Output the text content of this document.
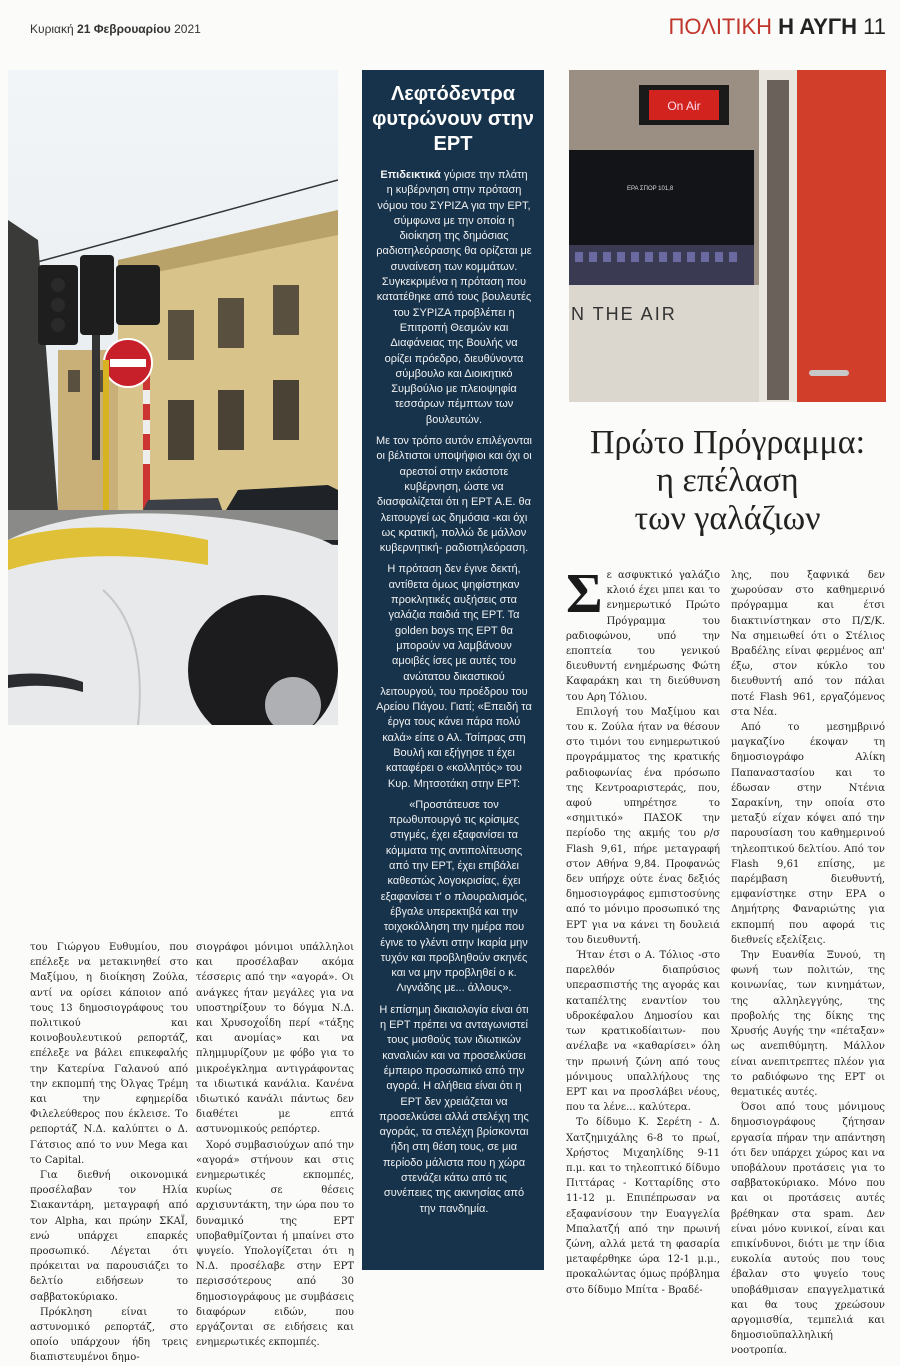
Κυριακή 21 Φεβρουαρίου 2021	ΠΟΛΙΤΙΚΗ Η ΑΥΓΗ 11

Λεφτόδεντρα φυτρώνουν στην ΕΡΤ

Επιδεικτικά γύρισε την πλάτη η κυβέρνηση στην πρόταση νόμου του ΣΥΡΙΖΑ για την ΕΡΤ, σύμφωνα με την οποία η διοίκηση της δημόσιας ραδιοτηλεόρασης θα ορίζεται με συναίνεση των κομμάτων. Συγκεκριμένα η πρόταση που κατατέθηκε από τους βουλευτές του ΣΥΡΙΖΑ προβλέπει η Επιτροπή Θεσμών και Διαφάνειας της Βουλής να ορίζει πρόεδρο, διευθύνοντα σύμβουλο και Διοικητικό Συμβούλιο με πλειοψηφία τεσσάρων πέμπτων των βουλευτών.

Με τον τρόπο αυτόν επιλέγονται οι βέλτιστοι υποψήφιοι και όχι οι αρεστοί στην εκάστοτε κυβέρνηση, ώστε να διασφαλίζεται ότι η ΕΡΤ Α.Ε. θα λειτουργεί ως δημόσια -και όχι ως κρατική, πολλώ δε μάλλον κυβερνητική- ραδιοτηλεόραση.

Η πρόταση δεν έγινε δεκτή, αντίθετα όμως ψηφίστηκαν προκλητικές αυξήσεις στα γαλάζια παιδιά της ΕΡΤ. Τα golden boys της ΕΡΤ θα μπορούν να λαμβάνουν αμοιβές ίσες με αυτές του ανώτατου δικαστικού λειτουργού, του προέδρου του Αρείου Πάγου. Γιατί; «Επειδή τα έργα τους κάνει πάρα πολύ καλά» είπε ο Αλ. Τσίπρας στη Βουλή και εξήγησε τι έχει καταφέρει ο «κολλητός» του Κυρ. Μητσοτάκη στην ΕΡΤ:

«Προστάτευσε τον πρωθυπουργό τις κρίσιμες στιγμές, έχει εξαφανίσει τα κόμματα της αντιπολίτευσης από την ΕΡΤ, έχει επιβάλει καθεστώς λογοκρισίας, έχει εξαφανίσει τ' ο πλουραλισμός, έβγαλε υπερεκτιβά και την τοιχοκόλληση την ημέρα που έγινε το γλέντι στην Ικαρία μην τυχόν και προβληθούν σκηνές και να μην προβληθεί ο κ. Λιγνάδης με... άλλους».

Η επίσημη δικαιολογία είναι ότι η ΕΡΤ πρέπει να ανταγωνιστεί τους μισθούς των ιδιωτικών καναλιών και να προσελκύσει έμπειρο προσωπικό από την αγορά. Η αλήθεια είναι ότι η ΕΡΤ δεν χρειάζεται να προσελκύσει αλλά στελέχη της αγοράς, τα στελέχη βρίσκονται ήδη στη θέση τους, σε μια περίοδο μάλιστα που η χώρα στενάζει κάτω από τις συνέπειες της ακινησίας από την πανδημία.

On Air
ΕΡΑ ΣΠΟΡ 101,8
N THE AIR
Πρώτο Πρόγραμμα:
η επέλαση
των γαλάζιων

Σε ασφυκτικό γαλάζιο κλοιό έχει μπει και το ενημερωτικό Πρώτο Πρόγραμμα του ραδιοφώνου, υπό την εποπτεία του γενικού διευθυντή ενημέρωσης Φώτη Καφαράκη και τη διεύθυνση του Αρη Τόλιου.

Επιλογή του Μαξίμου και του κ. Ζούλα ήταν να θέσουν στο τιμόνι του ενημερωτικού προγράμματος της κρατικής ραδιοφωνίας ένα πρόσωπο της Κεντροαριστεράς, που, αφού υπηρέτησε το «σημιτικό» ΠΑΣΟΚ την περίοδο της ακμής του ρ/σ Flash 9,61, πήρε μεταγραφή στον Αθήνα 9,84. Προφανώς δεν υπήρχε ούτε ένας δεξιός δημοσιογράφος εμπιστοσύνης από το μόνιμο προσωπικό της ΕΡΤ για να κάνει τη δουλειά του διευθυντή.

Ήταν έτσι ο Α. Τόλιος -στο παρελθόν διαπρύσιος υπερασπιστής της αγοράς και καταπέλτης εναντίον του υδροκέφαλου Δημοσίου και των κρατικοδίαιτων- που ανέλαβε να «καθαρίσει» όλη την πρωινή ζώνη από τους μόνιμους υπαλλήλους της ΕΡΤ και να προσλάβει νέους, που τα λένε... καλύτερα.

Το δίδυμο Κ. Σερέτη - Δ. Χατζημιχάλης 6-8 το πρωί, Χρήστος Μιχαηλίδης 9-11 π.μ. και το τηλεοπτικό δίδυμο Πιττάρας - Κοτταρίδης στο 11-12 μ. Επιπέπρωσαν να εξαφανίσουν την Ευαγγελία Μπαλατζή από την πρωινή ζώνη, αλλά μετά τη φασαρία μεταφέρθηκε ώρα 12-1 μ.μ., προκαλώντας όμως πρόβλημα στο δίδυμο Μπίτα - Βραδέ-

λης, που ξαφνικά δεν χωρούσαν στο καθημερινό πρόγραμμα και έτσι διακτινίστηκαν στο Π/Σ/Κ. Να σημειωθεί ότι ο Στέλιος Βραδέλης είναι φερμένος απ' έξω, στον κύκλο του διευθυντή από τον πάλαι ποτέ Flash 961, εργαζόμενος στα Νέα.

Από το μεσημβρινό μαγκαζίνο έκοψαν τη δημοσιογράφο Αλίκη Παπαναστασίου και το έδωσαν στην Ντένια Σαρακίνη, την οποία στο μεταξύ είχαν κόψει από την παρουσίαση του καθημερινού τηλεοπτικού δελτίου. Από τον Flash 9,61 επίσης, με παρέμβαση διευθυντή, εμφανίστηκε στην ΕΡΑ ο Δημήτρης Φαναριώτης για εκπομπή που αφορά τις διεθνείς εξελίξεις.

Την Ευανθία Ξυνού, τη φωνή των πολιτών, της κοινωνίας, των κινημάτων, της αλληλεγγύης, της προβολής της δίκης της Χρυσής Αυγής την «πέταξαν» ως ανεπιθύμητη. Μάλλον είναι ανεπιτρεπτες πλέον για το ραδιόφωνο της ΕΡΤ οι θεματικές αυτές.

Όσοι από τους μόνιμους δημοσιογράφους ζήτησαν εργασία πήραν την απάντηση ότι δεν υπάρχει χώρος και να υποβάλουν προτάσεις για το σαββατοκύριακο. Μόνο που και οι προτάσεις αυτές βρέθηκαν στα spam. Δεν είναι μόνο κυνικοί, είναι και επικίνδυνοι, διότι με την ίδια ευκολία αυτούς που τους έβαλαν στο ψυγείο τους υποβάθμισαν επαγγελματικά και θα τους χρεώσουν αργομισθία, τεμπελιά και δημοσιοϋπαλληλική νοοτροπία.

του Γιώργου Ευθυμίου, που επέλεξε να μετακινηθεί στο Μαξίμου, η διοίκηση Ζούλα, αντί να ορίσει κάποιον από τους 13 δημοσιογράφους του πολιτικού και κοινοβουλευτικού ρεπορτάζ, επέλεξε να βάλει επικεφαλής την Κατερίνα Γαλανού από την εκπομπή της Όλγας Τρέμη και την εφημερίδα Φιλελεύθερος που έκλεισε. Το ρεπορτάζ Ν.Δ. καλύπτει ο Δ. Γάτσιος από το νυν Mega και το Capital.

Για διεθνή οικονομικά προσέλαβαν τον Ηλία Σιακαντάρη, μεταγραφή από τον Alpha, και πρώην ΣΚΑΪ, ενώ υπάρχει επαρκές προσωπικό. Λέγεται ότι πρόκειται να παρουσιάζει το δελτίο ειδήσεων το σαββατοκύριακο.

Πρόκληση είναι το αστυνομικό ρεπορτάζ, στο οποίο υπάρχουν ήδη τρεις διαπιστευμένοι δημο-

σιογράφοι μόνιμοι υπάλληλοι και προσέλαβαν ακόμα τέσσερις από την «αγορά». Οι ανάγκες ήταν μεγάλες για να υποστηρίξουν το δόγμα Ν.Δ. και Χρυσοχοΐδη περί «τάξης και ανομίας» και να πλημμυρίζουν με φόβο για το μικροέγκλημα αντιγράφοντας τα ιδιωτικά κανάλια. Κανένα ιδιωτικό κανάλι πάντως δεν διαθέτει με επτά αστυνομικούς ρεπόρτερ.

Χορό συμβασιούχων από την «αγορά» στήνουν και στις ενημερωτικές εκπομπές, κυρίως σε θέσεις αρχισυντάκτη, την ώρα που το δυναμικό της ΕΡΤ υποβαθμίζονται ή μπαίνει στο ψυγείο. Υπολογίζεται ότι η Ν.Δ. προσέλαβε στην ΕΡΤ περισσότερους από 30 δημοσιογράφους με συμβάσεις διαφόρων ειδών, που εργάζονται σε ειδήσεις και ενημερωτικές εκπομπές.
